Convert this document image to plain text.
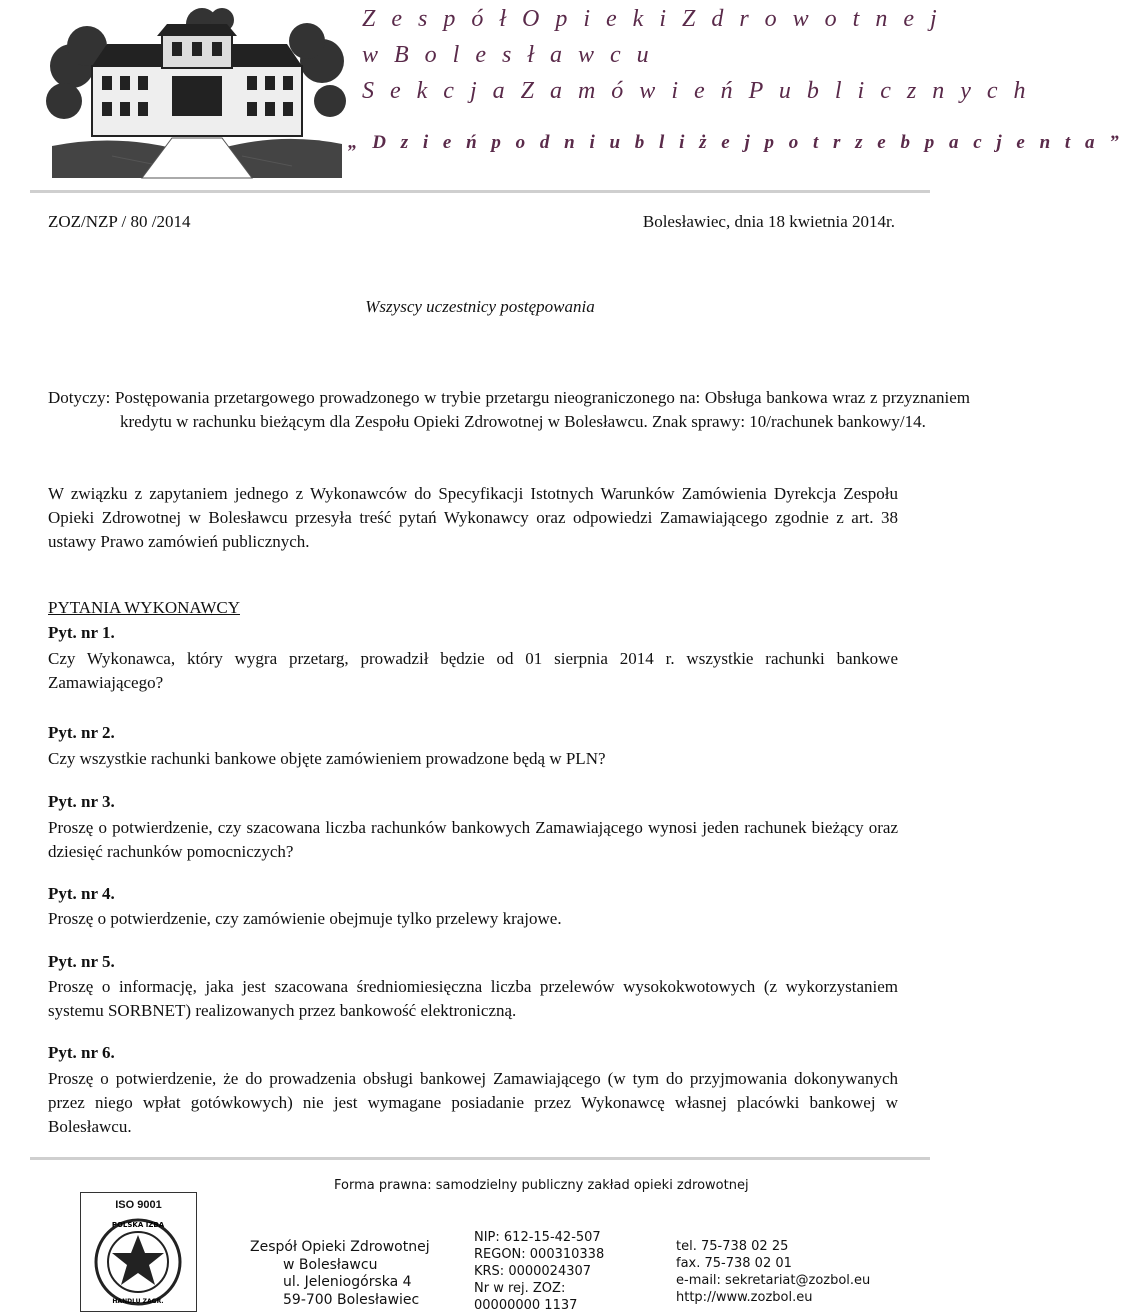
Z e s p ó ł O p i e k i Z d r o w o t n e j
w B o l e s ł a w c u
S e k c j a Z a m ó w i e ń P u b l i c z n y c h
„ D z i e ń p o d n i u b l i ż e j p o t r z e b p a c j e n t a ”
ZOZ/NZP / 80 /2014	Bolesławiec, dnia 18 kwietnia 2014r.
Wszyscy uczestnicy postępowania
Dotyczy: Postępowania przetargowego prowadzonego w trybie przetargu nieograniczonego na: Obsługa bankowa wraz z przyznaniem kredytu w rachunku bieżącym dla Zespołu Opieki Zdrowotnej w Bolesławcu. Znak sprawy: 10/rachunek bankowy/14.
W związku z zapytaniem jednego z Wykonawców do Specyfikacji Istotnych Warunków Zamówienia Dyrekcja Zespołu Opieki Zdrowotnej w Bolesławcu przesyła treść pytań Wykonawcy oraz odpowiedzi Zamawiającego zgodnie z art. 38 ustawy Prawo zamówień publicznych.
PYTANIA WYKONAWCY
Pyt. nr 1.
Czy Wykonawca, który wygra przetarg, prowadził będzie od 01 sierpnia 2014 r. wszystkie rachunki bankowe Zamawiającego?
Pyt. nr 2.
Czy wszystkie rachunki bankowe objęte zamówieniem prowadzone będą w PLN?
Pyt. nr 3.
Proszę o potwierdzenie, czy szacowana liczba rachunków bankowych Zamawiającego wynosi jeden rachunek bieżący oraz dziesięć rachunków pomocniczych?
Pyt. nr 4.
Proszę o potwierdzenie, czy zamówienie obejmuje tylko przelewy krajowe.
Pyt. nr 5.
Proszę o informację, jaka jest szacowana średniomiesięczna liczba przelewów wysokokwotowych (z wykorzystaniem systemu SORBNET) realizowanych przez bankowość elektroniczną.
Pyt. nr 6.
Proszę o potwierdzenie, że do prowadzenia obsługi bankowej Zamawiającego (w tym do przyjmowania dokonywanych przez niego wpłat gotówkowych) nie jest wymagane posiadanie przez Wykonawcę własnej placówki bankowej w Bolesławcu.
Forma prawna: samodzielny publiczny zakład opieki zdrowotnej
ISO 9001
POLSKA IZBA
HANDLU ZAGR.
Zespół Opieki Zdrowotnej
w Bolesławcu
ul. Jeleniogórska 4
59-700 Bolesławiec
NIP: 612-15-42-507
REGON: 000310338
KRS: 0000024307
Nr w rej. ZOZ:
00000000 1137
tel. 75-738 02 25
fax. 75-738 02 01
e-mail: sekretariat@zozbol.eu
http://www.zozbol.eu
